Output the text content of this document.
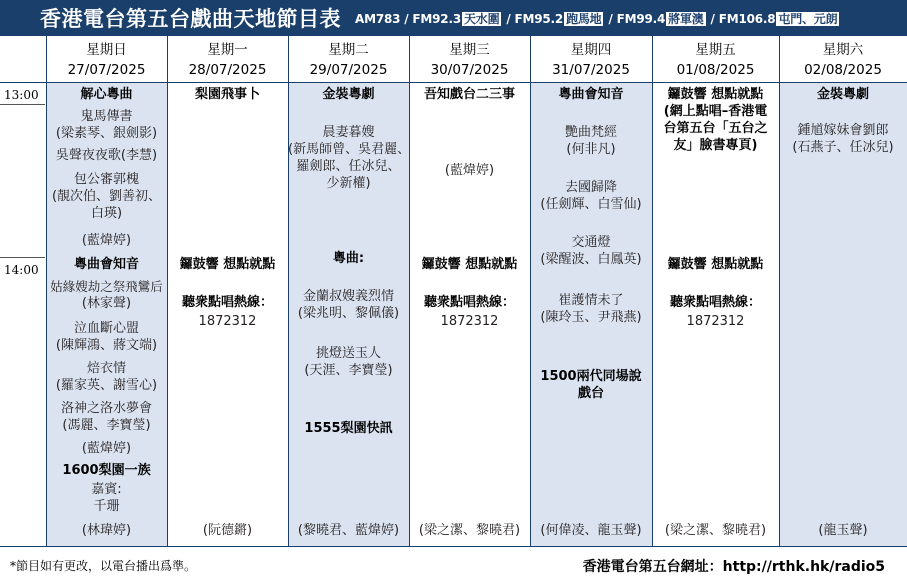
香港電台第五台戲曲天地節目表 AM783 / FM92.3 天水圍 / FM95.2 跑馬地 / FM99.4 將軍澳 / FM106.8 屯門、元朗
星期日
27/07/2025
星期一
28/07/2025
星期二
29/07/2025
星期三
30/07/2025
星期四
31/07/2025
星期五
01/08/2025
星期六
02/08/2025
13:00
14:00
解心粵曲
鬼馬傳書
(梁素琴、銀劍影)
吳聲夜夜歌(李慧)
包公審郭槐
(靚次伯、劉善初、
白瑛)
(藍煒婷)
粵曲會知音
姑緣嫂劫之祭飛鸞后
(林家聲)
泣血斷心盟
(陳輝鴻、蔣文端)
焙衣情
(羅家英、謝雪心)
洛神之洛水夢會
(馮麗、李寶瑩)
(藍煒婷)
1600梨園一族
嘉賓:
千珊
(林瑋婷)
梨園飛事卜
鑼鼓響 想點就點
聽衆點唱熱線：
1872312
(阮德鏘)
金裝粵劇
晨妻暮嫂
(新馬師曾、吳君麗、
羅劍郎、任冰兒、
少新權)
粵曲:
金蘭叔嫂義烈情
(梁兆明、黎佩儀)
挑燈送玉人
(天涯、李寶瑩)
1555梨園快訊
(黎曉君、藍煒婷)
吾知戲台二三事
(藍煒婷)
鑼鼓響 想點就點
聽衆點唱熱線：
1872312
(梁之潔、黎曉君)
粵曲會知音
艷曲梵經
(何非凡)
去國歸降
(任劍輝、白雪仙)
交通燈
(梁醒波、白鳳英)
崔護情未了
(陳玲玉、尹飛燕)
1500兩代同場說
戲台
(何偉凌、龍玉聲)
鑼鼓響 想點就點
(網上點唱–香港電
台第五台「五台之
友」臉書專頁)
鑼鼓響 想點就點
聽衆點唱熱線：
1872312
(梁之潔、黎曉君)
金裝粵劇
鍾馗嫁妹會劉郎
(石燕子、任冰兒)
(龍玉聲)
*節目如有更改，以電台播出爲準。	香港電台第五台網址：http://rthk.hk/radio5
